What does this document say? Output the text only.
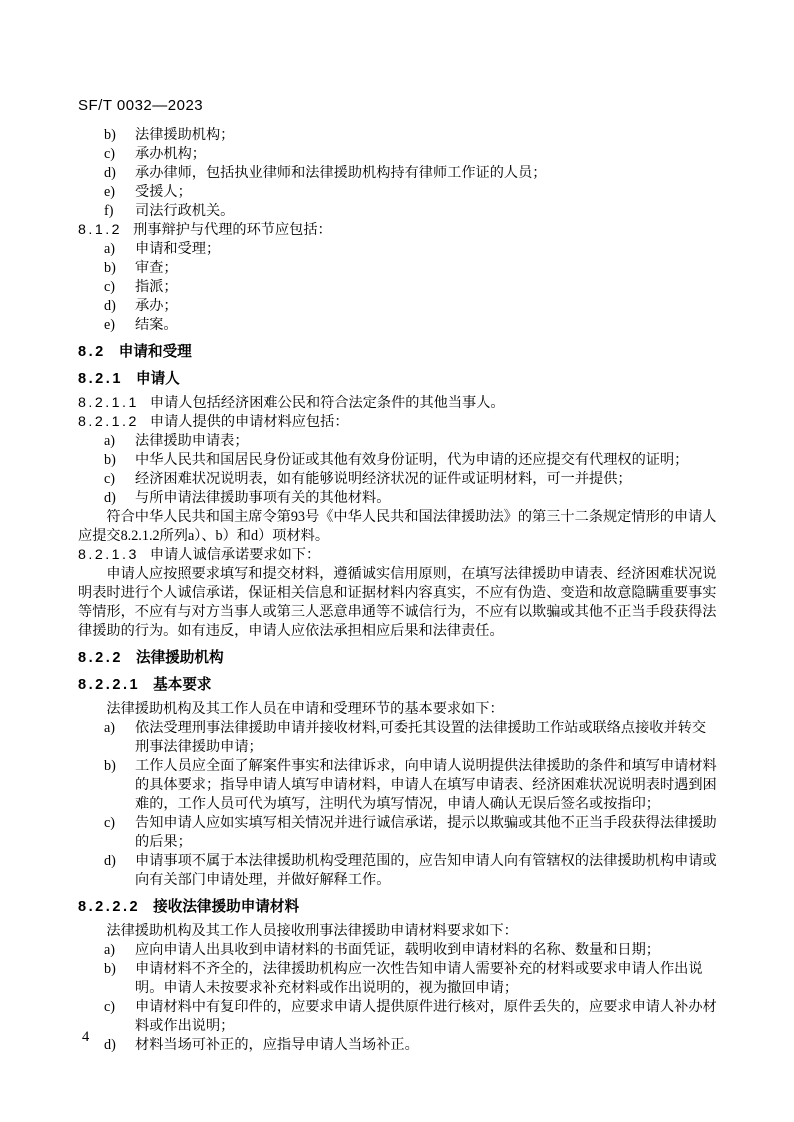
SF/T 0032—2023
b)	法律援助机构；
c)	承办机构；
d)	承办律师，包括执业律师和法律援助机构持有律师工作证的人员；
e)	受援人；
f)	司法行政机关。

8.1.2 刑事辩护与代理的环节应包括：

a)	申请和受理；
b)	审查；
c)	指派；
d)	承办；
e)	结案。
8.2 申请和受理
8.2.1 申请人

8.2.1.1 申请人包括经济困难公民和符合法定条件的其他当事人。

8.2.1.2 申请人提供的申请材料应包括：

a)	法律援助申请表；
b)	中华人民共和国居民身份证或其他有效身份证明，代为申请的还应提交有代理权的证明；
c)	经济困难状况说明表，如有能够说明经济状况的证件或证明材料，可一并提供；
d)	与所申请法律援助事项有关的其他材料。

符合中华人民共和国主席令第93号《中华人民共和国法律援助法》的第三十二条规定情形的申请人应提交8.2.1.2所列a）、b）和d）项材料。

8.2.1.3 申请人诚信承诺要求如下：

申请人应按照要求填写和提交材料，遵循诚实信用原则，在填写法律援助申请表、经济困难状况说明表时进行个人诚信承诺，保证相关信息和证据材料内容真实，不应有伪造、变造和故意隐瞒重要事实等情形，不应有与对方当事人或第三人恶意串通等不诚信行为，不应有以欺骗或其他不正当手段获得法律援助的行为。如有违反，申请人应依法承担相应后果和法律责任。

8.2.2 法律援助机构
8.2.2.1 基本要求

法律援助机构及其工作人员在申请和受理环节的基本要求如下：

a)	依法受理刑事法律援助申请并接收材料,可委托其设置的法律援助工作站或联络点接收并转交刑事法律援助申请；
b)	工作人员应全面了解案件事实和法律诉求，向申请人说明提供法律援助的条件和填写申请材料的具体要求；指导申请人填写申请材料，申请人在填写申请表、经济困难状况说明表时遇到困难的，工作人员可代为填写，注明代为填写情况，申请人确认无误后签名或按指印；
c)	告知申请人应如实填写相关情况并进行诚信承诺，提示以欺骗或其他不正当手段获得法律援助的后果；
d)	申请事项不属于本法律援助机构受理范围的，应告知申请人向有管辖权的法律援助机构申请或向有关部门申请处理，并做好解释工作。
8.2.2.2 接收法律援助申请材料

法律援助机构及其工作人员接收刑事法律援助申请材料要求如下：

a)	应向申请人出具收到申请材料的书面凭证，载明收到申请材料的名称、数量和日期；
b)	申请材料不齐全的，法律援助机构应一次性告知申请人需要补充的材料或要求申请人作出说明。申请人未按要求补充材料或作出说明的，视为撤回申请；
c)	申请材料中有复印件的，应要求申请人提供原件进行核对，原件丢失的，应要求申请人补办材料或作出说明；
d)	材料当场可补正的，应指导申请人当场补正。
4
